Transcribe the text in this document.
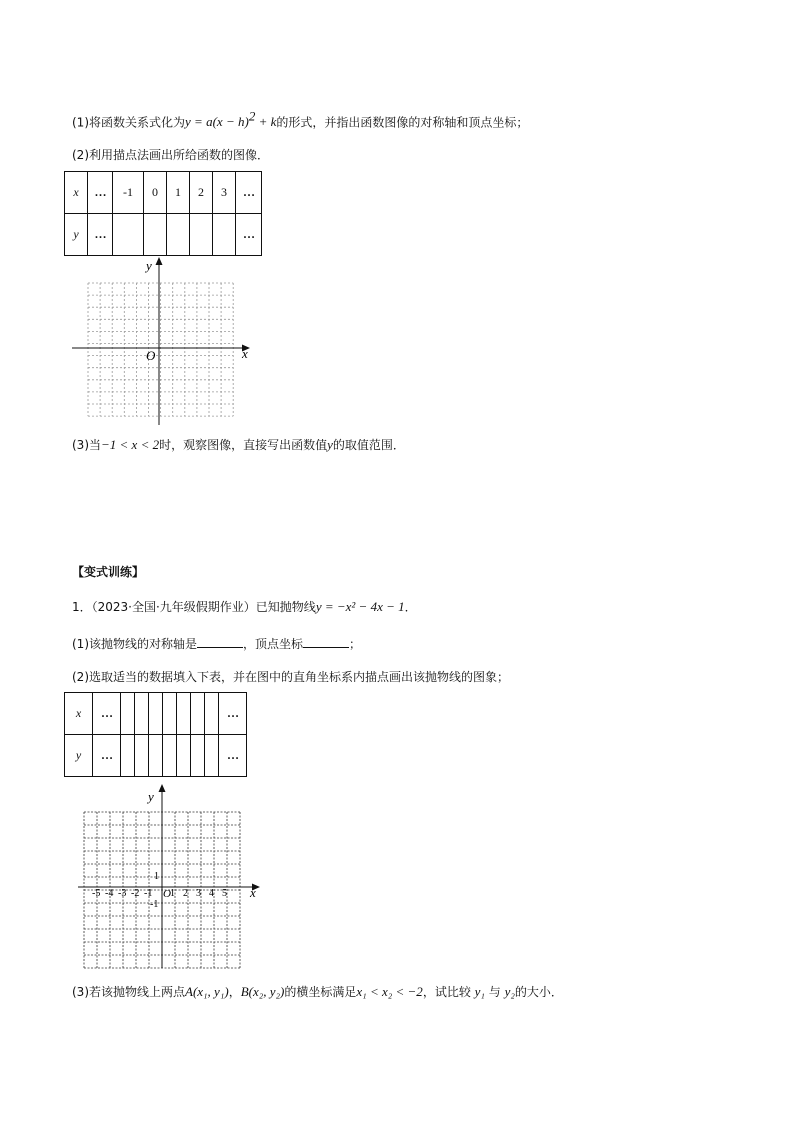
(1)将函数关系式化为$y = a(x - h)^2 + k$的形式，并指出函数图像的对称轴和顶点坐标；
(2)利用描点法画出所给函数的图像．
x	…	-1	0	1	2	3	…
y	…						…
y
x
O
(3)当−1 < x < 2时，观察图像，直接写出函数值y的取值范围．
【变式训练】
1．（2023·全国·九年级假期作业）已知抛物线y = −x² − 4x − 1．
(1)该抛物线的对称轴是	，顶点坐标	；
(2)选取适当的数据填入下表，并在图中的直角坐标系内描点画出该抛物线的图象；
x	…								…
y	…								…
y
x
O
1
-1
-5 -4 -3 -2 -1 1 2 3 4 5
(3)若该抛物线上两点A(x₁, y₁)，B(x₂, y₂)的横坐标满足x₁ < x₂ < −2，试比较 y₁ 与 y₂的大小．
